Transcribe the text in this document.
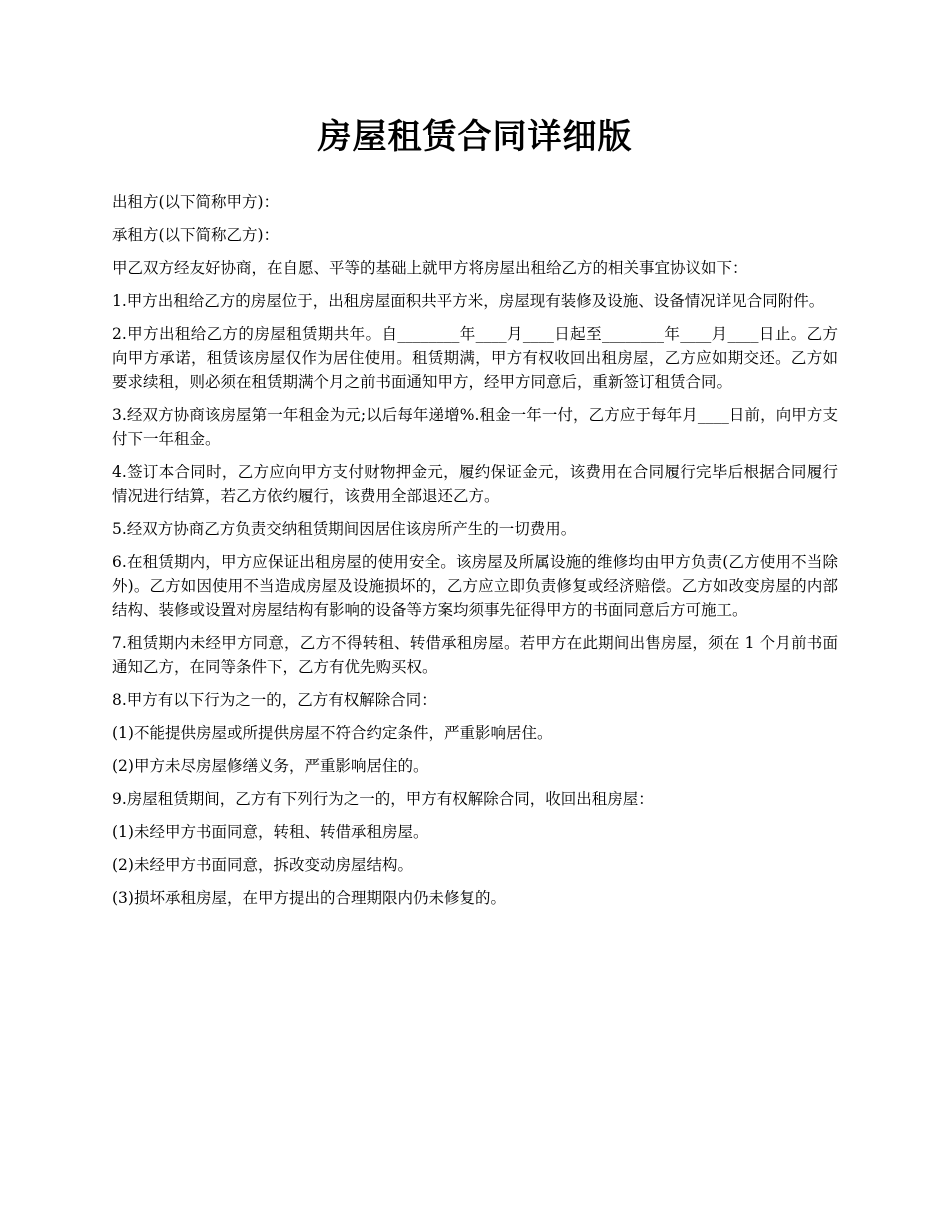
房屋租赁合同详细版

出租方(以下简称甲方)：

承租方(以下简称乙方)：

甲乙双方经友好协商，在自愿、平等的基础上就甲方将房屋出租给乙方的相关事宜协议如下：

1.甲方出租给乙方的房屋位于，出租房屋面积共平方米，房屋现有装修及设施、设备情况详见合同附件。

2.甲方出租给乙方的房屋租赁期共年。自________年____月____日起至________年____月____日止。乙方向甲方承诺，租赁该房屋仅作为居住使用。租赁期满，甲方有权收回出租房屋，乙方应如期交还。乙方如要求续租，则必须在租赁期满个月之前书面通知甲方，经甲方同意后，重新签订租赁合同。

3.经双方协商该房屋第一年租金为元;以后每年递增%.租金一年一付，乙方应于每年月____日前，向甲方支付下一年租金。

4.签订本合同时，乙方应向甲方支付财物押金元，履约保证金元，该费用在合同履行完毕后根据合同履行情况进行结算，若乙方依约履行，该费用全部退还乙方。

5.经双方协商乙方负责交纳租赁期间因居住该房所产生的一切费用。

6.在租赁期内，甲方应保证出租房屋的使用安全。该房屋及所属设施的维修均由甲方负责(乙方使用不当除外)。乙方如因使用不当造成房屋及设施损坏的，乙方应立即负责修复或经济赔偿。乙方如改变房屋的内部结构、装修或设置对房屋结构有影响的设备等方案均须事先征得甲方的书面同意后方可施工。

7.租赁期内未经甲方同意，乙方不得转租、转借承租房屋。若甲方在此期间出售房屋，须在 1 个月前书面通知乙方，在同等条件下，乙方有优先购买权。

8.甲方有以下行为之一的，乙方有权解除合同：

(1)不能提供房屋或所提供房屋不符合约定条件，严重影响居住。

(2)甲方未尽房屋修缮义务，严重影响居住的。

9.房屋租赁期间，乙方有下列行为之一的，甲方有权解除合同，收回出租房屋：

(1)未经甲方书面同意，转租、转借承租房屋。

(2)未经甲方书面同意，拆改变动房屋结构。

(3)损坏承租房屋，在甲方提出的合理期限内仍未修复的。
